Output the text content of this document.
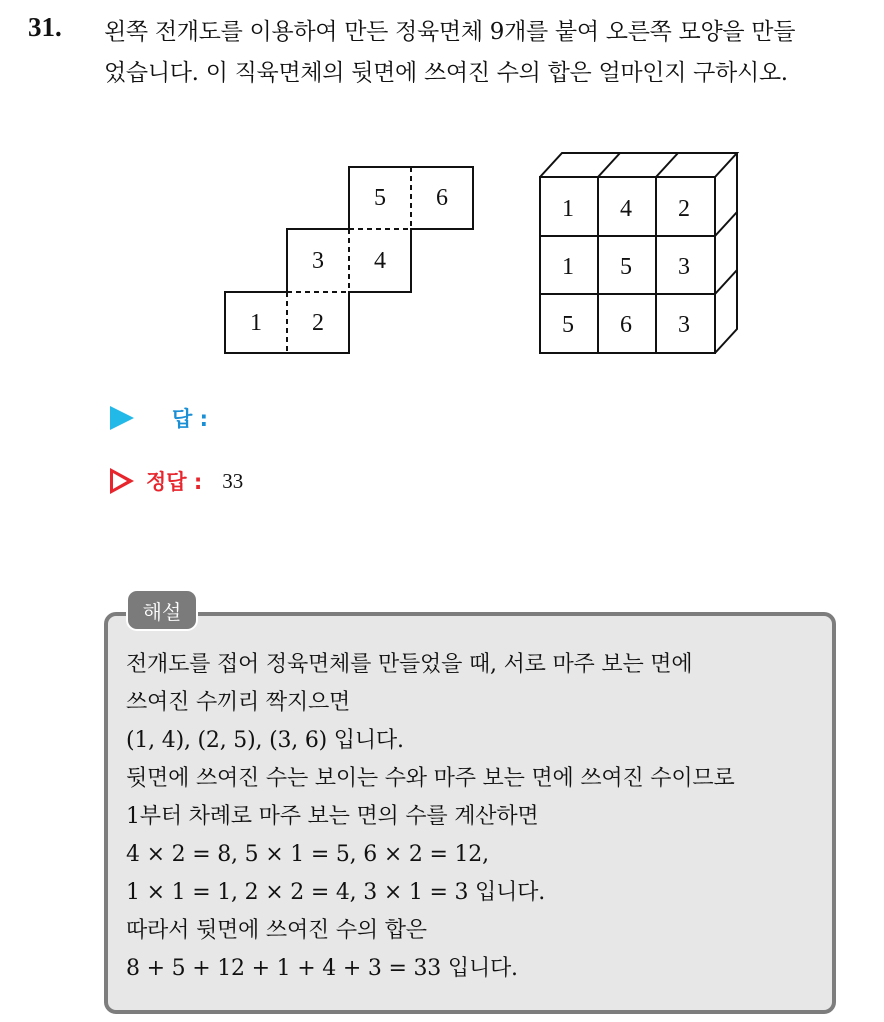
31. 왼쪽 전개도를 이용하여 만든 정육면체 9개를 붙여 오른쪽 모양을 만들
었습니다. 이 직육면체의 뒷면에 쓰여진 수의 합은 얼마인지 구하시오.
5 6
3 4
1 2
1 4 2
1 5 3
5 6 3
답 :
정답 : 33
해설
전개도를 접어 정육면체를 만들었을 때, 서로 마주 보는 면에
쓰여진 수끼리 짝지으면
(1, 4), (2, 5), (3, 6) 입니다.
뒷면에 쓰여진 수는 보이는 수와 마주 보는 면에 쓰여진 수이므로
1부터 차례로 마주 보는 면의 수를 계산하면
4 × 2 = 8, 5 × 1 = 5, 6 × 2 = 12,
1 × 1 = 1, 2 × 2 = 4, 3 × 1 = 3 입니다.
따라서 뒷면에 쓰여진 수의 합은
8 + 5 + 12 + 1 + 4 + 3 = 33 입니다.
